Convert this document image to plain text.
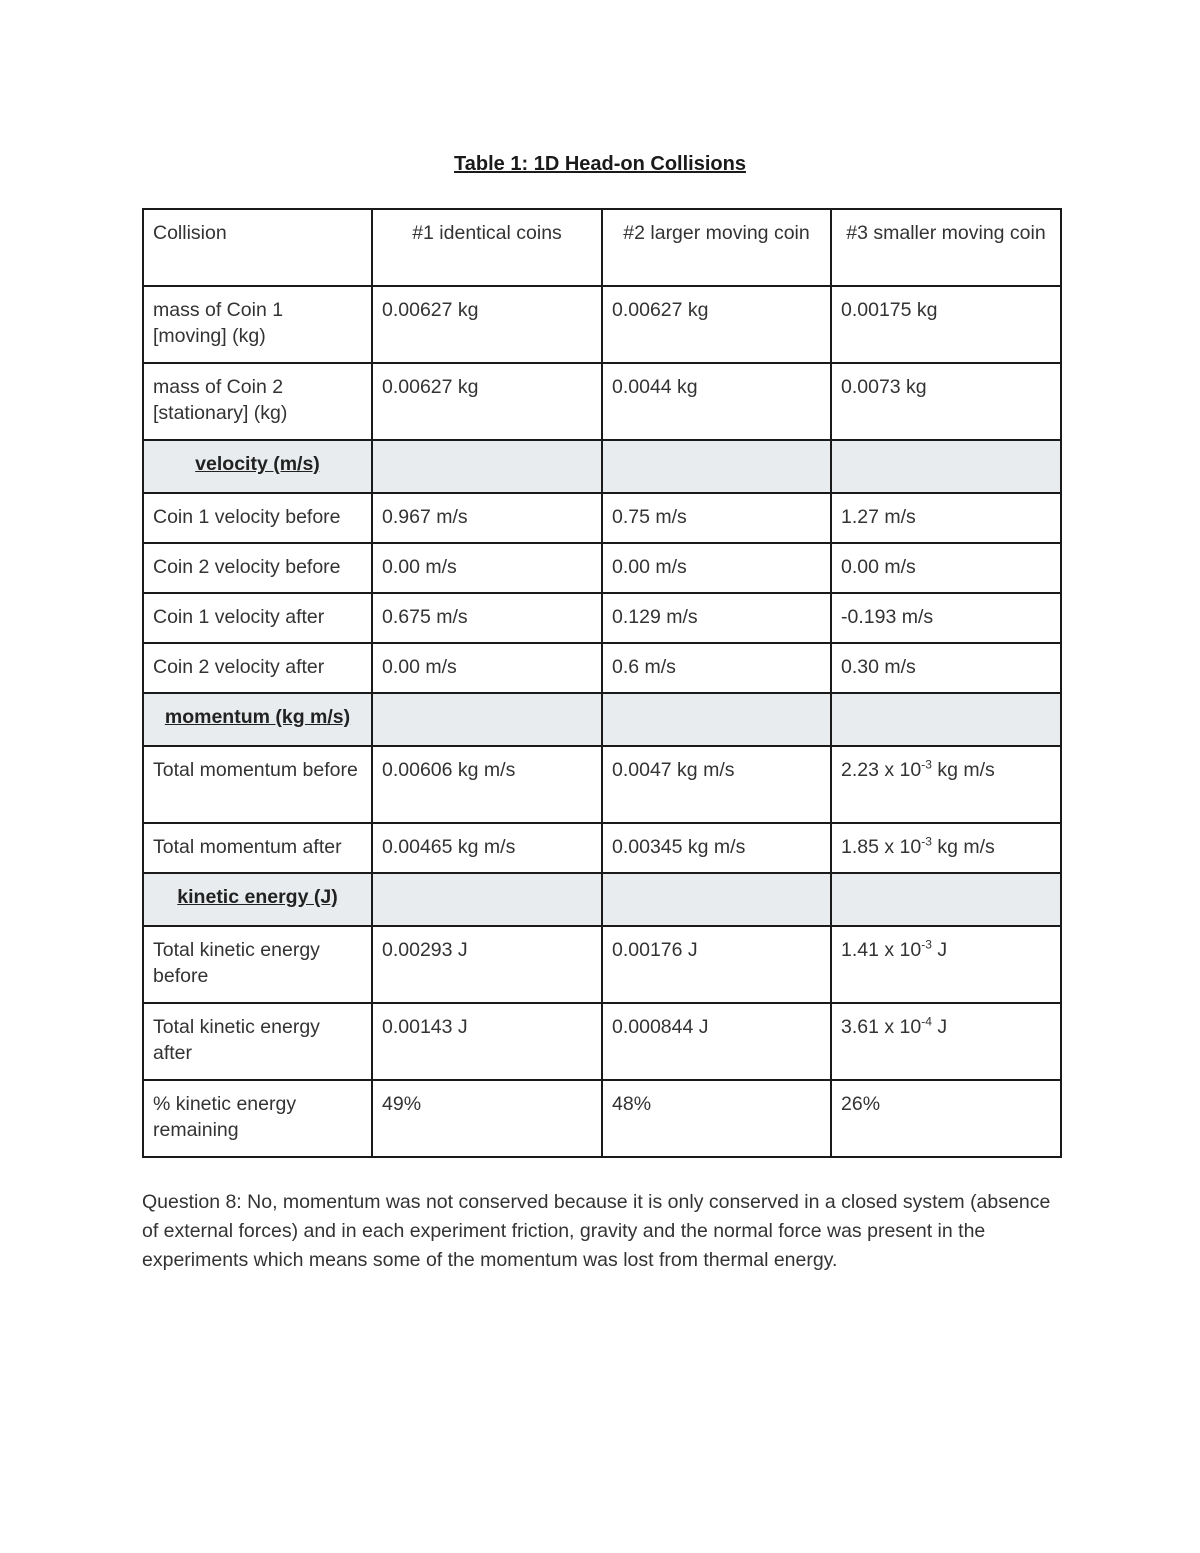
Table 1: 1D Head-on Collisions
Collision	#1 identical coins	#2 larger moving coin	#3 smaller moving coin
mass of Coin 1 [moving] (kg)	0.00627 kg	0.00627 kg	0.00175 kg
mass of Coin 2 [stationary] (kg)	0.00627 kg	0.0044 kg	0.0073 kg

velocity (m/s)			

Coin 1 velocity before	0.967 m/s	0.75 m/s	1.27 m/s
Coin 2 velocity before	0.00 m/s	0.00 m/s	0.00 m/s
Coin 1 velocity after	0.675 m/s	0.129 m/s	-0.193 m/s
Coin 2 velocity after	0.00 m/s	0.6 m/s	0.30 m/s

momentum (kg m/s)			

Total momentum before	0.00606 kg m/s	0.0047 kg m/s	2.23 x $10^{-3}$ kg m/s
Total momentum after	0.00465 kg m/s	0.00345 kg m/s	1.85 x $10^{-3}$ kg m/s

kinetic energy (J)			

Total kinetic energy before	0.00293 J	0.00176 J	1.41 x $10^{-3}$ J
Total kinetic energy after	0.00143 J	0.000844 J	3.61 x $10^{-4}$ J
% kinetic energy remaining	49%	48%	26%
Question 8: No, momentum was not conserved because it is only conserved in a closed system (absence of external forces) and in each experiment friction, gravity and the normal force was present in the experiments which means some of the momentum was lost from thermal energy.
